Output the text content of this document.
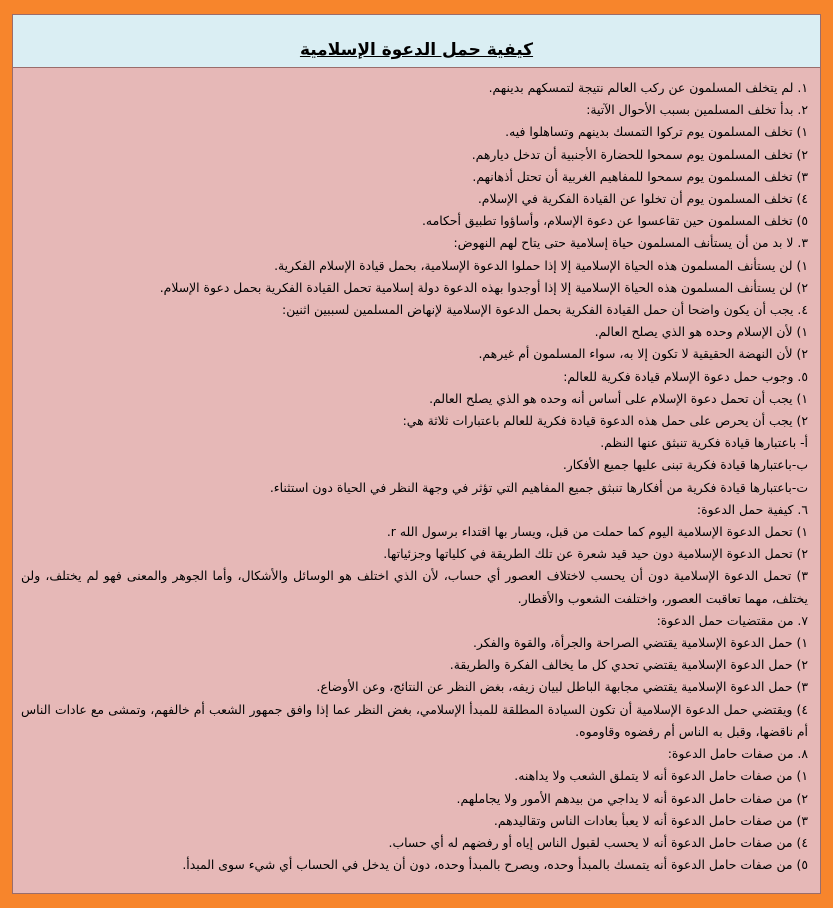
كيفية حمل الدعوة الإسلامية
١. لم يتخلف المسلمون عن ركب العالم نتيجة لتمسكهم بدينهم.
٢. بدأ تخلف المسلمين بسبب الأحوال الآتية:
١) تخلف المسلمون يوم تركوا التمسك بدينهم وتساهلوا فيه.
٢) تخلف المسلمون يوم سمحوا للحضارة الأجنبية أن تدخل ديارهم.
٣) تخلف المسلمون يوم سمحوا للمفاهيم الغربية أن تحتل أذهانهم.
٤) تخلف المسلمون يوم أن تخلوا عن القيادة الفكرية في الإسلام.
٥) تخلف المسلمون حين تقاعسوا عن دعوة الإسلام، وأساؤوا تطبيق أحكامه.
٣. لا بد من أن يستأنف المسلمون حياة إسلامية حتى يتاح لهم النهوض:
١) لن يستأنف المسلمون هذه الحياة الإسلامية إلا إذا حملوا الدعوة الإسلامية، بحمل قيادة الإسلام الفكرية.
٢) لن يستأنف المسلمون هذه الحياة الإسلامية إلا إذا أوجدوا بهذه الدعوة دولة إسلامية تحمل القيادة الفكرية بحمل دعوة الإسلام.
٤. يجب أن يكون واضحا أن حمل القيادة الفكرية بحمل الدعوة الإسلامية لإنهاض المسلمين لسببين اثنين:
١) لأن الإسلام وحده هو الذي يصلح العالم.
٢) لأن النهضة الحقيقية لا تكون إلا به، سواء المسلمون أم غيرهم.
٥. وجوب حمل دعوة الإسلام قيادة فكرية للعالم:
١) يجب أن تحمل دعوة الإسلام على أساس أنه وحده هو الذي يصلح العالم.
٢) يجب أن يحرص على حمل هذه الدعوة قيادة فكرية للعالم باعتبارات ثلاثة هي:
أ- باعتبارها قيادة فكرية تنبثق عنها النظم.
ب-باعتبارها قيادة فكرية تبنى عليها جميع الأفكار.
ت-باعتبارها قيادة فكرية من أفكارها تنبثق جميع المفاهيم التي تؤثر في وجهة النظر في الحياة دون استثناء.
٦. كيفية حمل الدعوة:
١) تحمل الدعوة الإسلامية اليوم كما حملت من قبل، ويسار بها اقتداء برسول الله r.
٢) تحمل الدعوة الإسلامية دون حيد قيد شعرة عن تلك الطريقة في كلياتها وجزئياتها.
٣) تحمل الدعوة الإسلامية دون أن يحسب لاختلاف العصور أي حساب، لأن الذي اختلف هو الوسائل والأشكال، وأما الجوهر والمعنى فهو لم يختلف، ولن يختلف، مهما تعاقبت العصور، واختلفت الشعوب والأقطار.
٧. من مقتضيات حمل الدعوة:
١) حمل الدعوة الإسلامية يقتضي الصراحة والجرأة، والقوة والفكر.
٢) حمل الدعوة الإسلامية يقتضي تحدي كل ما يخالف الفكرة والطريقة.
٣) حمل الدعوة الإسلامية يقتضي مجابهة الباطل لبيان زيفه، بغض النظر عن النتائج، وعن الأوضاع.
٤) ويقتضي حمل الدعوة الإسلامية أن تكون السيادة المطلقة للمبدأ الإسلامي، بغض النظر عما إذا وافق جمهور الشعب أم خالفهم، وتمشى مع عادات الناس أم ناقضها، وقبل به الناس أم رفضوه وقاوموه.
٨. من صفات حامل الدعوة:
١) من صفات حامل الدعوة أنه لا يتملق الشعب ولا يداهنه.
٢) من صفات حامل الدعوة أنه لا يداجي من بيدهم الأمور ولا يجاملهم.
٣) من صفات حامل الدعوة أنه لا يعبأ بعادات الناس وتقاليدهم.
٤) من صفات حامل الدعوة أنه لا يحسب لقبول الناس إياه أو رفضهم له أي حساب.
٥) من صفات حامل الدعوة أنه يتمسك بالمبدأ وحده، ويصرح بالمبدأ وحده، دون أن يدخل في الحساب أي شيء سوى المبدأ.
